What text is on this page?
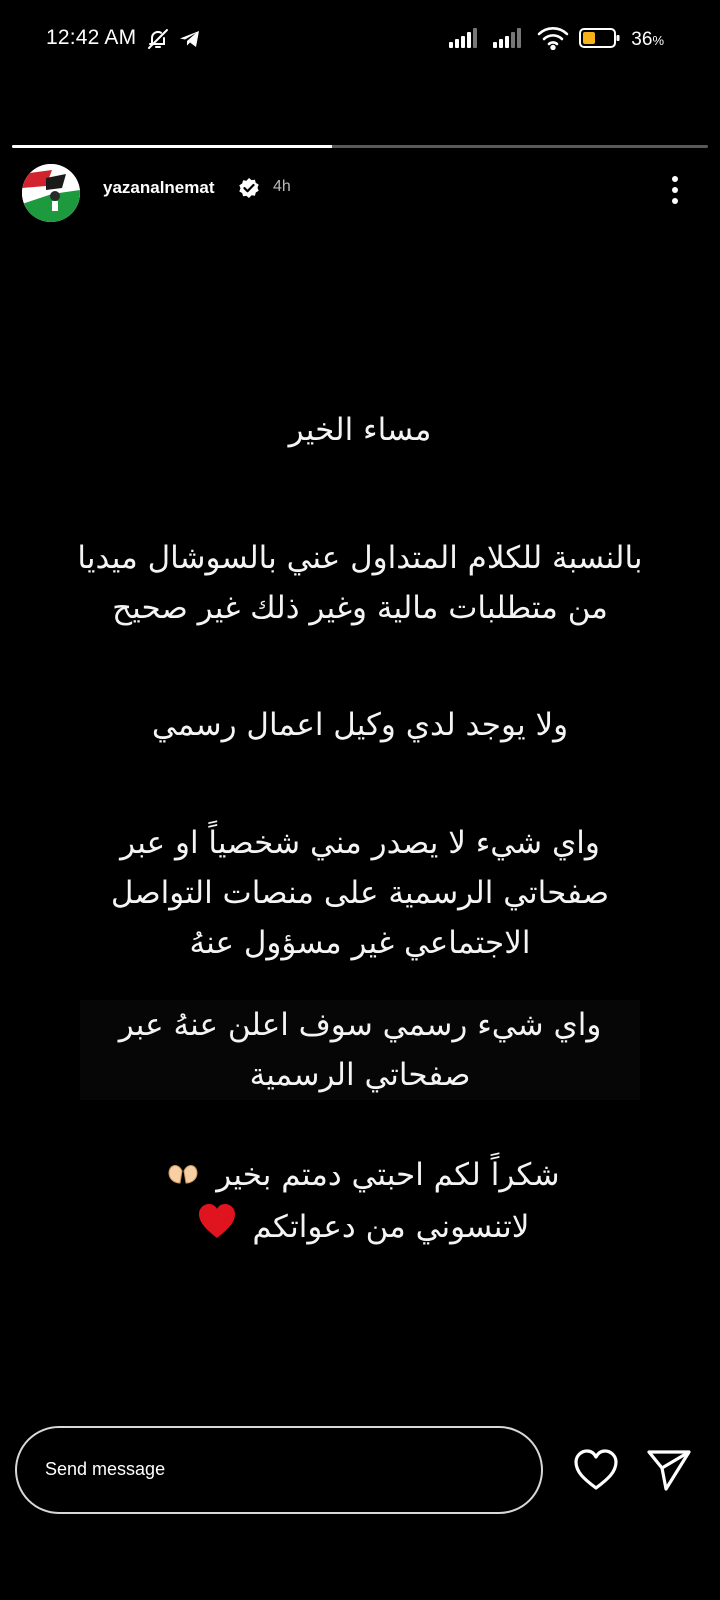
12:42 AM	36%
yazanalnemat	4h
مساء الخير
بالنسبة للكلام المتداول عني بالسوشال ميديا
من متطلبات مالية وغير ذلك غير صحيح
ولا يوجد لدي وكيل اعمال رسمي
واي شيء لا يصدر مني شخصياً او عبر
صفحاتي الرسمية على منصات التواصل
الاجتماعي غير مسؤول عنهُ
واي شيء رسمي سوف اعلن عنهُ عبر
صفحاتي الرسمية
شكراً لكم احبتي دمتم بخير
لاتنسوني من دعواتكم
Send message
